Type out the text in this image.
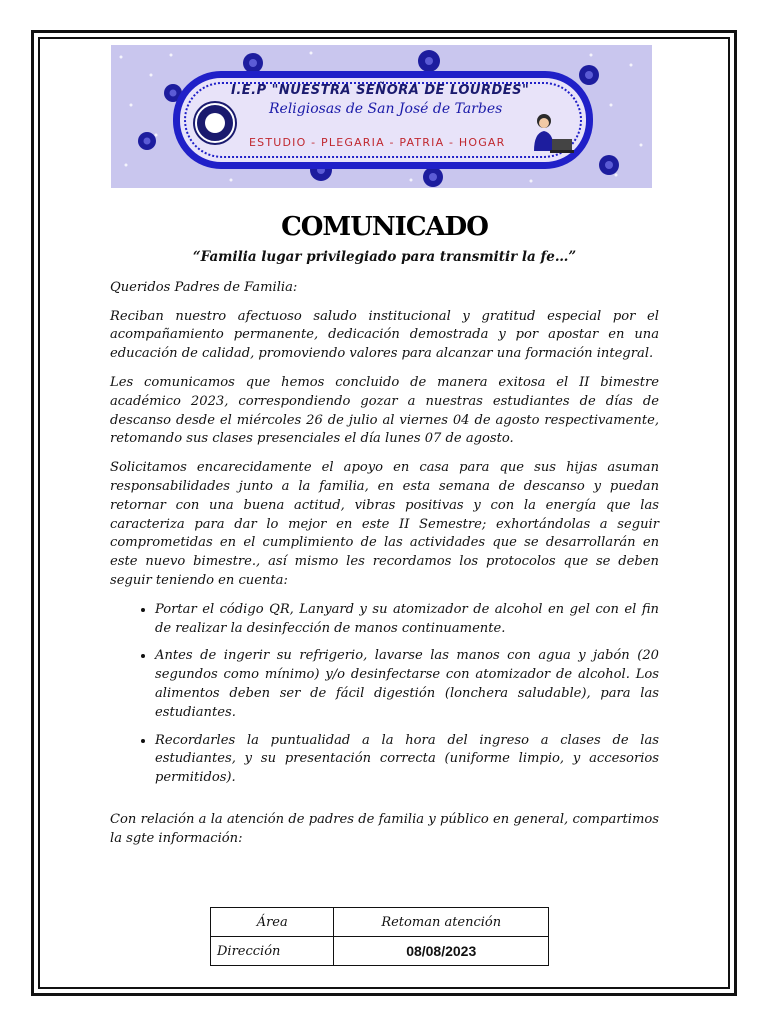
I.E.P "NUESTRA SEÑORA DE LOURDES"
Religiosas de San José de Tarbes
ESTUDIO - PLEGARIA - PATRIA - HOGAR
COMUNICADO
“Familia lugar privilegiado para transmitir la fe…”

Queridos Padres de Familia:

Reciban nuestro afectuoso saludo institucional y gratitud especial por el acompañamiento permanente, dedicación demostrada y por apostar en una educación de calidad, promoviendo valores para alcanzar una formación integral.

Les comunicamos que hemos concluido de manera exitosa el II bimestre académico 2023, correspondiendo gozar a nuestras estudiantes de días de descanso desde el miércoles 26 de julio al viernes 04 de agosto respectivamente, retomando sus clases presenciales el día lunes 07 de agosto.

Solicitamos encarecidamente el apoyo en casa para que sus hijas asuman responsabilidades junto a la familia, en esta semana de descanso y puedan retornar con una buena actitud, vibras positivas y con la energía que las caracteriza para dar lo mejor en este II Semestre; exhortándolas a seguir comprometidas en el cumplimiento de las actividades que se desarrollarán en este nuevo bimestre., así mismo les recordamos los protocolos que se deben seguir teniendo en cuenta:

• Portar el código QR, Lanyard y su atomizador de alcohol en gel con el fin de realizar la desinfección de manos continuamente.
• Antes de ingerir su refrigerio, lavarse las manos con agua y jabón (20 segundos como mínimo) y/o desinfectarse con atomizador de alcohol. Los alimentos deben ser de fácil digestión (lonchera saludable), para las estudiantes.
• Recordarles la puntualidad a la hora del ingreso a clases de las estudiantes, y su presentación correcta (uniforme limpio, y accesorios permitidos).

Con relación a la atención de padres de familia y público en general, compartimos la sgte información:

Área	Retoman atención
Dirección	08/08/2023
